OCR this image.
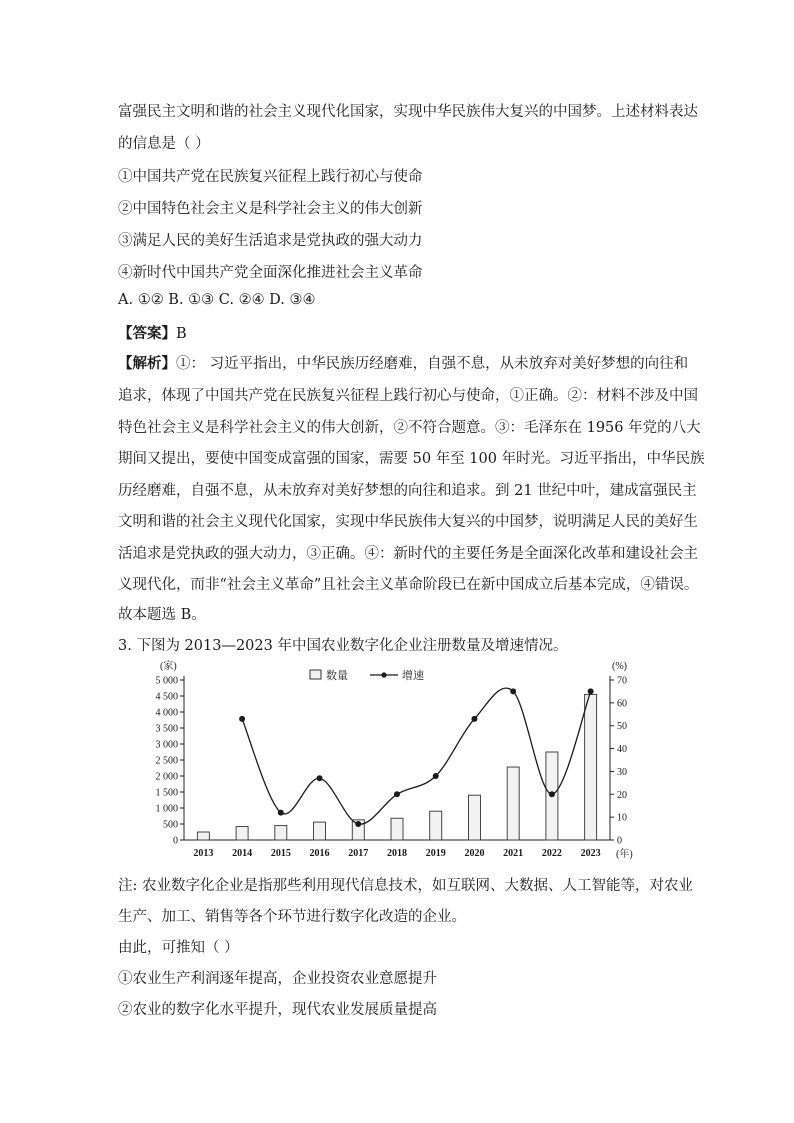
富强民主文明和谐的社会主义现代化国家，实现中华民族伟大复兴的中国梦。上述材料表达
的信息是（ ）
①中国共产党在民族复兴征程上践行初心与使命
②中国特色社会主义是科学社会主义的伟大创新
③满足人民的美好生活追求是党执政的强大动力
④新时代中国共产党全面深化推进社会主义革命
A. ①② B. ①③ C. ②④ D. ③④
【答案】B
【解析】①： 习近平指出，中华民族历经磨难，自强不息，从未放弃对美好梦想的向往和
追求，体现了中国共产党在民族复兴征程上践行初心与使命，①正确。②：材料不涉及中国
特色社会主义是科学社会主义的伟大创新，②不符合题意。③：毛泽东在 1956 年党的八大
期间又提出，要使中国变成富强的国家，需要 50 年至 100 年时光。习近平指出，中华民族
历经磨难，自强不息，从未放弃对美好梦想的向往和追求。到 21 世纪中叶，建成富强民主
文明和谐的社会主义现代化国家，实现中华民族伟大复兴的中国梦，说明满足人民的美好生
活追求是党执政的强大动力，③正确。④：新时代的主要任务是全面深化改革和建设社会主
义现代化，而非“社会主义革命”且社会主义革命阶段已在新中国成立后基本完成，④错误。
故本题选 B。
3. 下图为 2013—2023 年中国农业数字化企业注册数量及增速情况。
(家)	(%)
(年)
数量	增速
0
500
1 000
1 500
2 000
2 500
3 000
3 500
4 000
4 500
5 000
0
10
20
30
40
50
60
70
2013 2014 2015 2016 2017 2018 2019 2020 2021 2022 2023
注: 农业数字化企业是指那些利用现代信息技术，如互联网、大数据、人工智能等，对农业
生产、加工、销售等各个环节进行数字化改造的企业。
由此，可推知（ ）
①农业生产利润逐年提高，企业投资农业意愿提升
②农业的数字化水平提升，现代农业发展质量提高
